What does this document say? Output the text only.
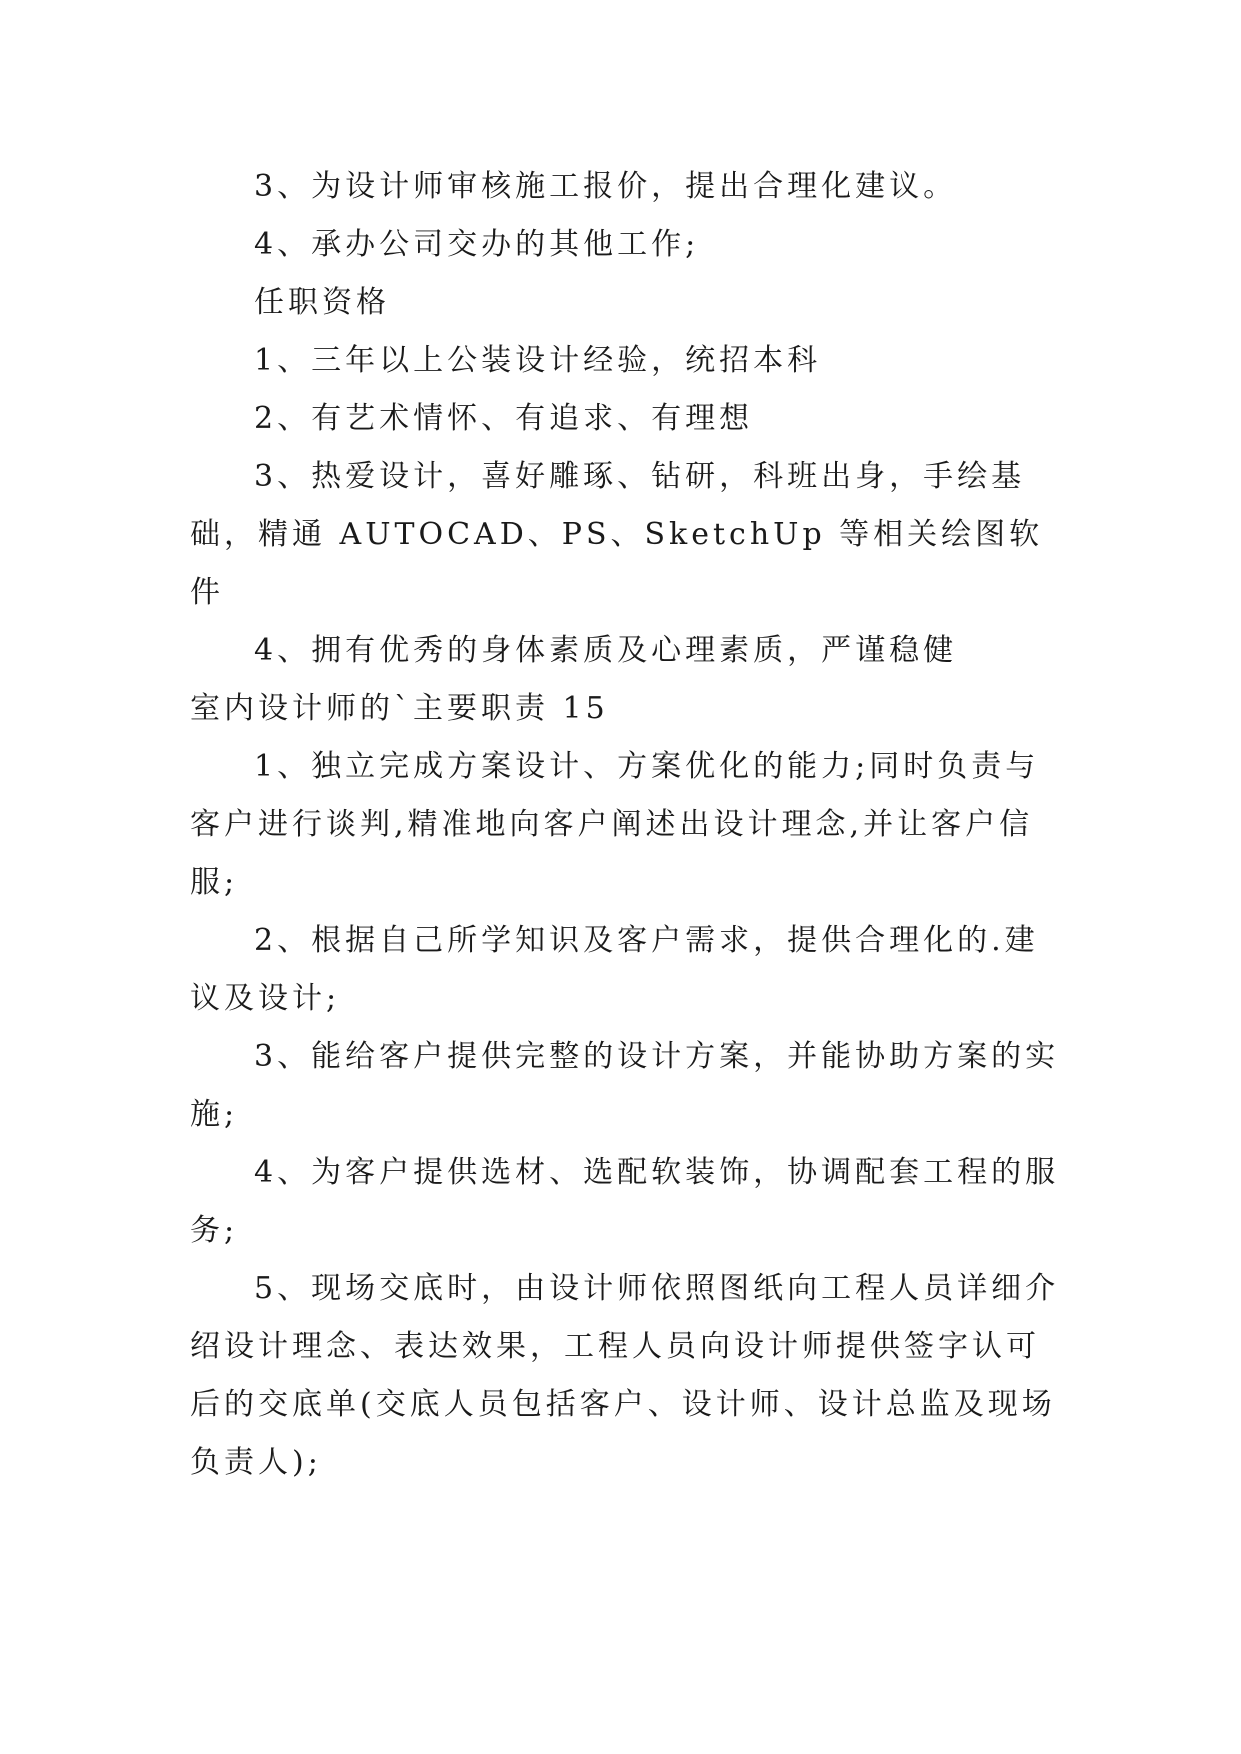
3、为设计师审核施工报价，提出合理化建议。

4、承办公司交办的其他工作;

任职资格

1、三年以上公装设计经验，统招本科

2、有艺术情怀、有追求、有理想

3、热爱设计，喜好雕琢、钻研，科班出身，手绘基础，精通 AUTOCAD、PS、SketchUp 等相关绘图软件

4、拥有优秀的身体素质及心理素质，严谨稳健

室内设计师的`主要职责 15

1、独立完成方案设计、方案优化的能力;同时负责与客户进行谈判,精准地向客户阐述出设计理念,并让客户信服;

2、根据自己所学知识及客户需求，提供合理化的.建议及设计;

3、能给客户提供完整的设计方案，并能协助方案的实施;

4、为客户提供选材、选配软装饰，协调配套工程的服务;

5、现场交底时，由设计师依照图纸向工程人员详细介绍设计理念、表达效果，工程人员向设计师提供签字认可后的交底单(交底人员包括客户、设计师、设计总监及现场负责人);
